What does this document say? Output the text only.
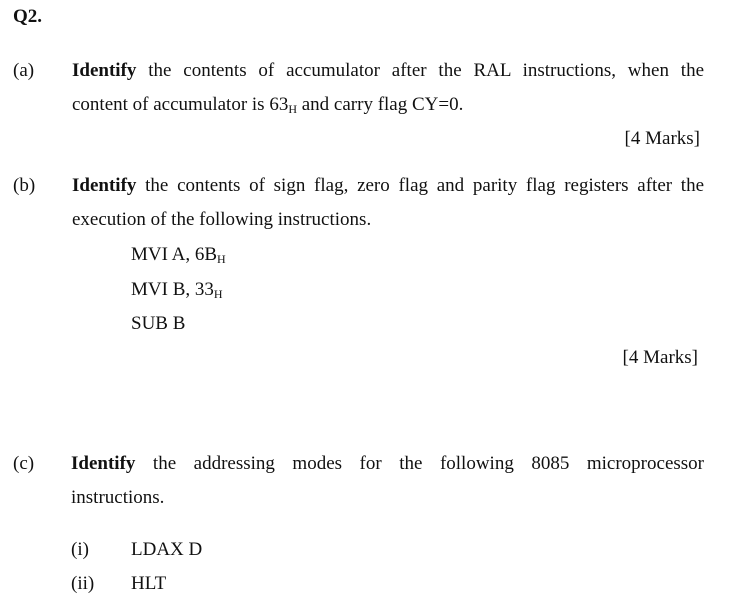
Q2.
(a) Identify the contents of accumulator after the RAL instructions, when the
content of accumulator is $63_H$ and carry flag CY=0.
[4 Marks]
(b) Identify the contents of sign flag, zero flag and parity flag registers after the
execution of the following instructions.
MVI A, $6B_H$
MVI B, $33_H$
SUB B
[4 Marks]
(c) Identify the addressing modes for the following 8085 microprocessor
instructions.
(i) LDAX D
(ii) HLT
